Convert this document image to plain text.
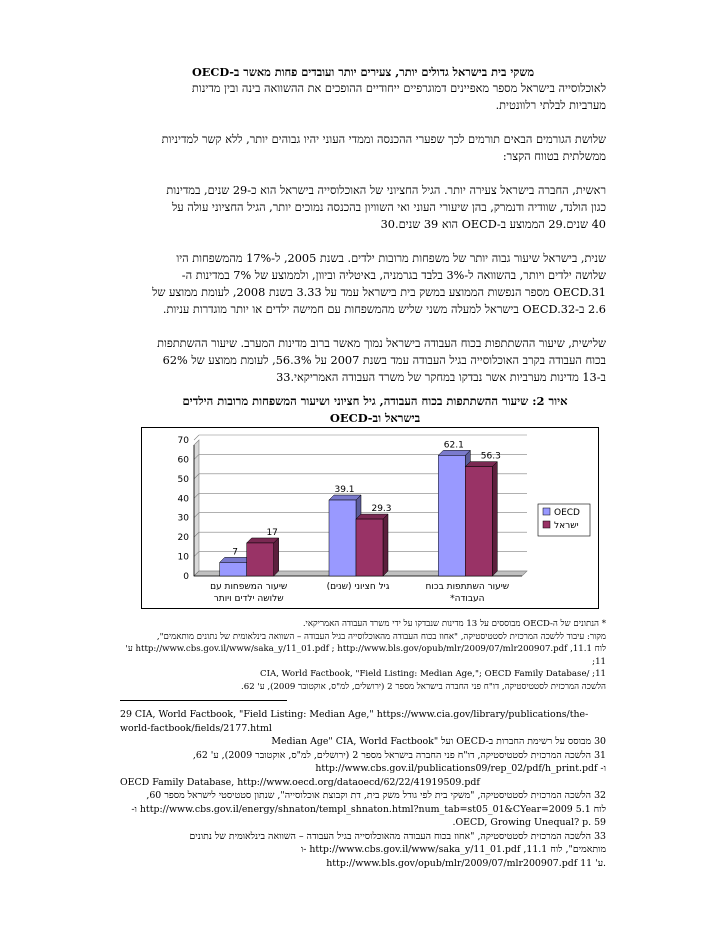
משקי בית בישראל גדולים יותר, צעירים יותר ועובדים פחות מאשר ב-OECD
לאוכלוסייה בישראל מספר מאפיינים דמוגרפיים ייחודיים ההופכים את ההשוואה בינה ובין מדינות
מערביות לבלתי רלוונטית.
שלושת הגורמים הבאים תורמים לכך שפערי ההכנסה וממדי העוני יהיו גבוהים יותר, ללא קשר למדיניות
ממשלתית בטווח הקצר:
ראשית, החברה בישראל צעירה יותר. הגיל החציוני של האוכלוסייה בישראל הוא כ-29 שנים, במדינות
כגון הולנד, שוודיה ודנמרק, בהן שיעורי העוני ואי השוויון בהכנסה נמוכים יותר, הגיל החציוני עולה על
40 שנים.29 הממוצע ב-OECD הוא 39 שנים.30
שנית, בישראל שיעור גבוה יותר של משפחות מרובות ילדים. בשנת 2005, ל-17% מהמשפחות היו
שלושה ילדים ויותר, בהשוואה ל-3% בלבד בגרמניה, באיטליה וביוון, ולממוצע של 7% במדינות ה-
OECD.31 מספר הנפשות הממוצע במשק בית בישראל עמד על 3.33 בשנת 2008, לעומת ממוצע של
2.6 ב-OECD.32 בישראל למעלה משני שליש מהמשפחות עם חמישה ילדים או יותר מוגדרות עניות.
שלישית, שיעור ההשתתפות בכוח העבודה בישראל נמוך מאשר ברוב מדינות המערב. שיעור ההשתתפות
בכוח העבודה בקרב האוכלוסייה בגיל העבודה עמד בשנת 2007 על 56.3%, לעומת ממוצע של 62%
ב-13 מדינות מערביות אשר נבדקו במחקר של משרד העבודה האמריקאי.33
איור 2: שיעור ההשתתפות בכוח העבודה, גיל חציוני ושיעור המשפחות מרובות הילדים
בישראל וב-OECD
0
10
20
30
40
50
60
70
7
17
שיעור המשפחות עם
שלושה ילדים ויותר
39.1
29.3
גיל חציוני (שנים)
62.1
56.3
שיעור השתתפות בכוח
העבודה*
OECD
ישראל
* הנתונים של ה-OECD מבוססים על 13 מדינות שנבדקו על ידי משרד העבודה האמריקאי.
מקור: עיבוד ללשכה המרכזית לסטטיסטיקה, "אחוז בכוח העבודה מהאוכלוסייה בגיל העבודה – השוואה בינלאומית של נתונים מותאמים",
לוח 11.1, http://www.cbs.gov.il/www/saka_y/11_01.pdf ; http://www.bls.gov/opub/mlr/2009/07/mlr200907.pdf ע' 11;
CIA, World Factbook, "Field Listing: Median Age,"; OECD Family Database/ ;11
הלשכה המרכזית לסטטיסטיקה, דו"ח פני החברה בישראל מספר 2 (ירושלים, למ"ס, אוקטובר 2009), ע' 62.
29 CIA, World Factbook, "Field Listing: Median Age," https://www.cia.gov/library/publications/the-
world-factbook/fields/2177.html
30 מבוסס על רשימת החברות ב-OECD ועל "Median Age" CIA, World Factbook
31 הלשכה המרכזית לסטטיסטיקה, דו"ח פני החברה בישראל מספר 2 (ירושלים, למ"ס, אוקטובר 2009), ע' 62,
http://www.cbs.gov.il/publications09/rep_02/pdf/h_print.pdf -ו
OECD Family Database, http://www.oecd.org/dataoecd/62/22/41919509.pdf
32 הלשכה המרכזית לסטטיסטיקה, "משקי בית לפי גודל משק בית, דת וקבוצת אוכלוסייה", שנתון סטטיסטי לישראל מספר 60,
לוח 5.1 http://www.cbs.gov.il/energy/shnaton/templ_shnaton.html?num_tab=st05_01&CYear=2009 ו-
.OECD, Growing Unequal? p. 59
33 הלשכה המרכזית לסטטיסטיקה, "אחוז בכוח העבודה מהאוכלוסייה בגיל העבודה – השוואה בינלאומית של נתונים
מותאמים", לוח 11.1, http://www.cbs.gov.il/www/saka_y/11_01.pdf -ו
http://www.bls.gov/opub/mlr/2009/07/mlr200907.pdf ע' 11.
